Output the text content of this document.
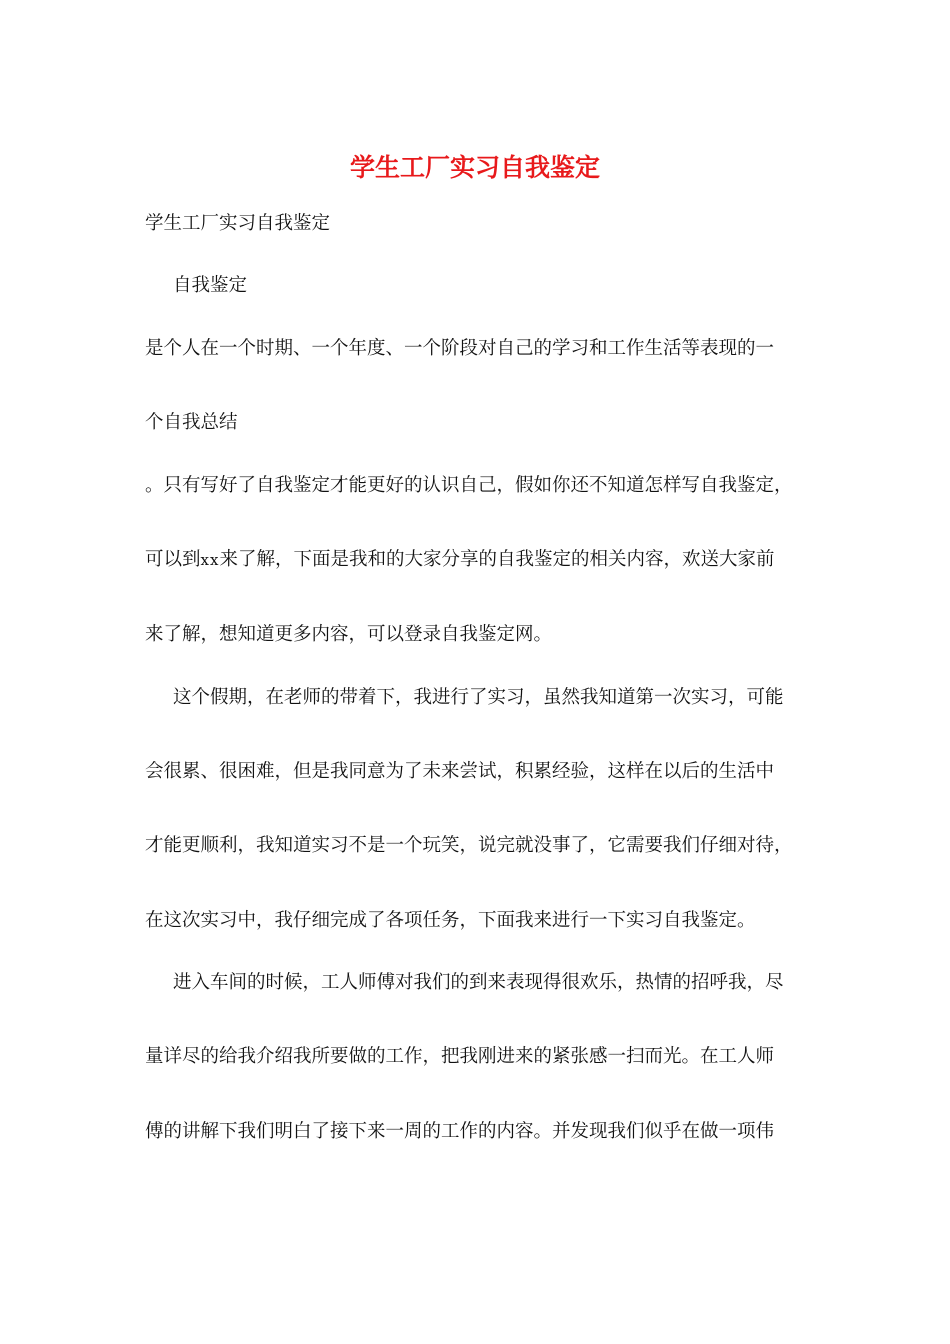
学生工厂实习自我鉴定

学生工厂实习自我鉴定

自我鉴定

是个人在一个时期、一个年度、一个阶段对自己的学习和工作生活等表现的一

个自我总结

。只有写好了自我鉴定才能更好的认识自己，假如你还不知道怎样写自我鉴定，

可以到xx来了解，下面是我和的大家分享的自我鉴定的相关内容，欢送大家前

来了解，想知道更多内容，可以登录自我鉴定网。

这个假期，在老师的带着下，我进行了实习，虽然我知道第一次实习，可能

会很累、很困难，但是我同意为了未来尝试，积累经验，这样在以后的生活中

才能更顺利，我知道实习不是一个玩笑，说完就没事了，它需要我们仔细对待，

在这次实习中，我仔细完成了各项任务，下面我来进行一下实习自我鉴定。

进入车间的时候，工人师傅对我们的到来表现得很欢乐，热情的招呼我，尽

量详尽的给我介绍我所要做的工作，把我刚进来的紧张感一扫而光。在工人师

傅的讲解下我们明白了接下来一周的工作的内容。并发现我们似乎在做一项伟
